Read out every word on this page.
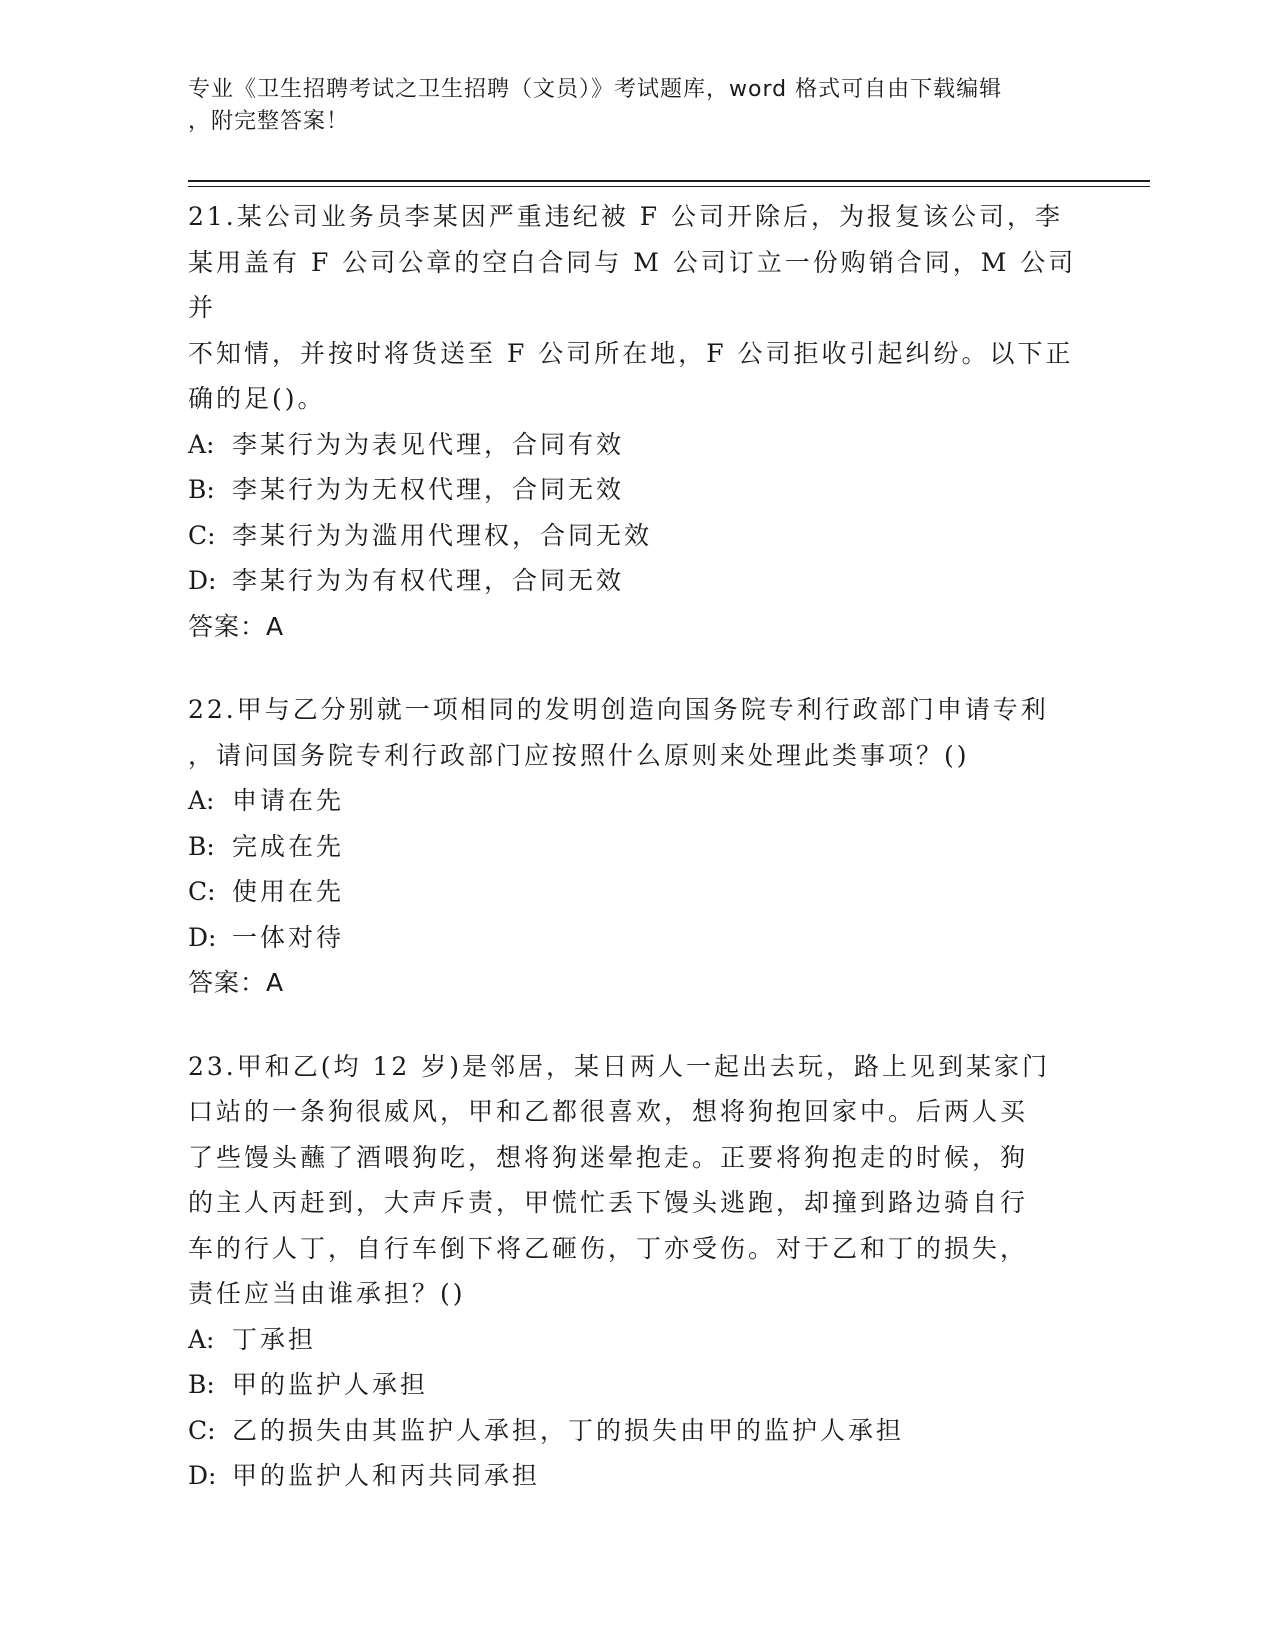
专业《卫生招聘考试之卫生招聘（文员）》考试题库，word 格式可自由下载编辑
，附完整答案！

21.某公司业务员李某因严重违纪被 F 公司开除后，为报复该公司，李
某用盖有 F 公司公章的空白合同与 M 公司订立一份购销合同，M 公司并
不知情，并按时将货送至 F 公司所在地，F 公司拒收引起纠纷。以下正
确的足()。

A: 李某行为为表见代理，合同有效

B: 李某行为为无权代理，合同无效

C: 李某行为为滥用代理权，合同无效

D: 李某行为为有权代理，合同无效

答案：A

22.甲与乙分别就一项相同的发明创造向国务院专利行政部门申请专利
，请问国务院专利行政部门应按照什么原则来处理此类事项？()

A: 申请在先

B: 完成在先

C: 使用在先

D: 一体对待

答案：A

23.甲和乙(均 12 岁)是邻居，某日两人一起出去玩，路上见到某家门
口站的一条狗很威风，甲和乙都很喜欢，想将狗抱回家中。后两人买
了些馒头蘸了酒喂狗吃，想将狗迷晕抱走。正要将狗抱走的时候，狗
的主人丙赶到，大声斥责，甲慌忙丢下馒头逃跑，却撞到路边骑自行
车的行人丁，自行车倒下将乙砸伤，丁亦受伤。对于乙和丁的损失，
责任应当由谁承担？()

A: 丁承担

B: 甲的监护人承担

C: 乙的损失由其监护人承担，丁的损失由甲的监护人承担

D: 甲的监护人和丙共同承担
